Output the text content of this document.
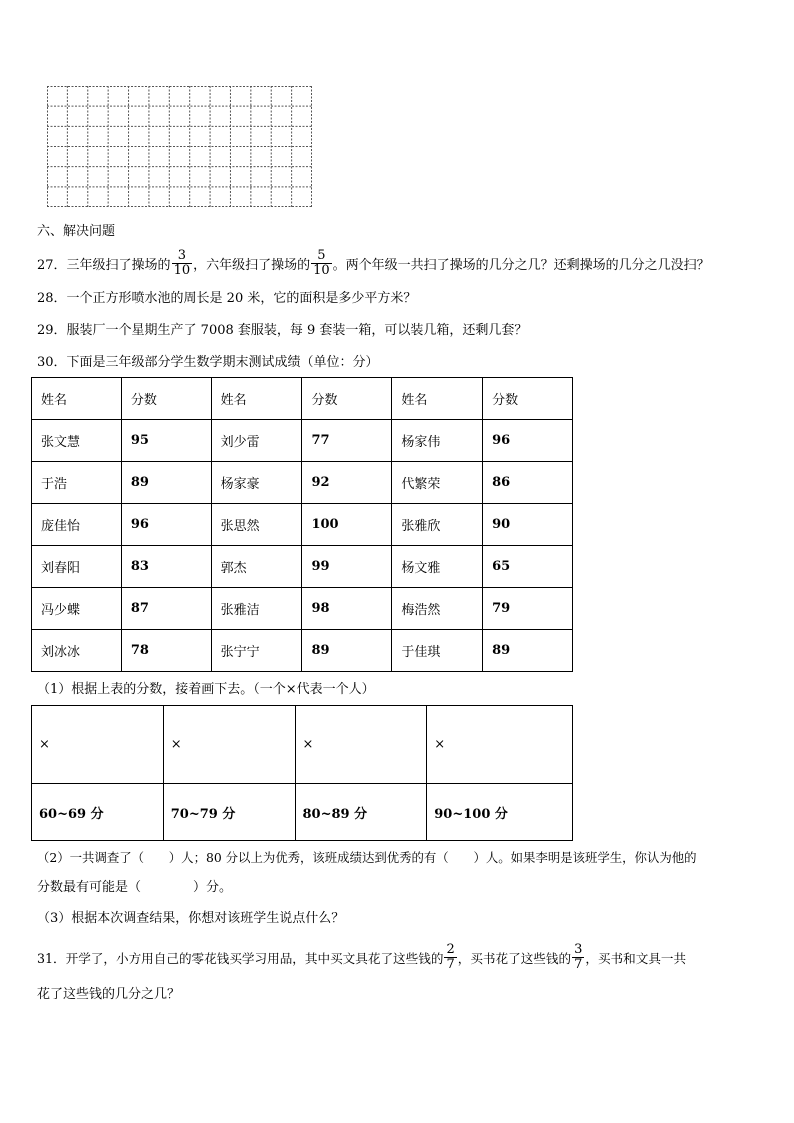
六、解决问题
27． 三年级扫了操场的 $\frac{3}{10}$ ，六年级扫了操场的 $\frac{5}{10}$ 。两个年级一共扫了操场的几分之几？还剩操场的几分之几没扫？
28．一个正方形喷水池的周长是 20 米，它的面积是多少平方米？
29．服装厂一个星期生产了 7008 套服装，每 9 套装一箱，可以装几箱，还剩几套？
30．下面是三年级部分学生数学期末测试成绩（单位：分）
姓名	分数	姓名	分数	姓名	分数
张文慧	95	刘少雷	77	杨家伟	96
于浩	89	杨家豪	92	代繁荣	86
庞佳怡	96	张思然	100	张雅欣	90
刘春阳	83	郭杰	99	杨文雅	65
冯少蝶	87	张雅洁	98	梅浩然	79
刘冰冰	78	张宁宁	89	于佳琪	89
（1）根据上表的分数，接着画下去。（一个×代表一个人）
×	×	×	×
60~69 分	70~79 分	80~89 分	90~100 分
（2）一共调查了（　　）人；80 分以上为优秀，该班成绩达到优秀的有（　　）人。如果李明是该班学生，你认为他的
分数最有可能是（　　　　）分。
（3）根据本次调查结果，你想对该班学生说点什么？
31．开学了，小方用自己的零花钱买学习用品，其中买文具花了这些钱的 $\frac{2}{7}$ ，买书花了这些钱的 $\frac{3}{7}$ ，买书和文具一共
花了这些钱的几分之几？
